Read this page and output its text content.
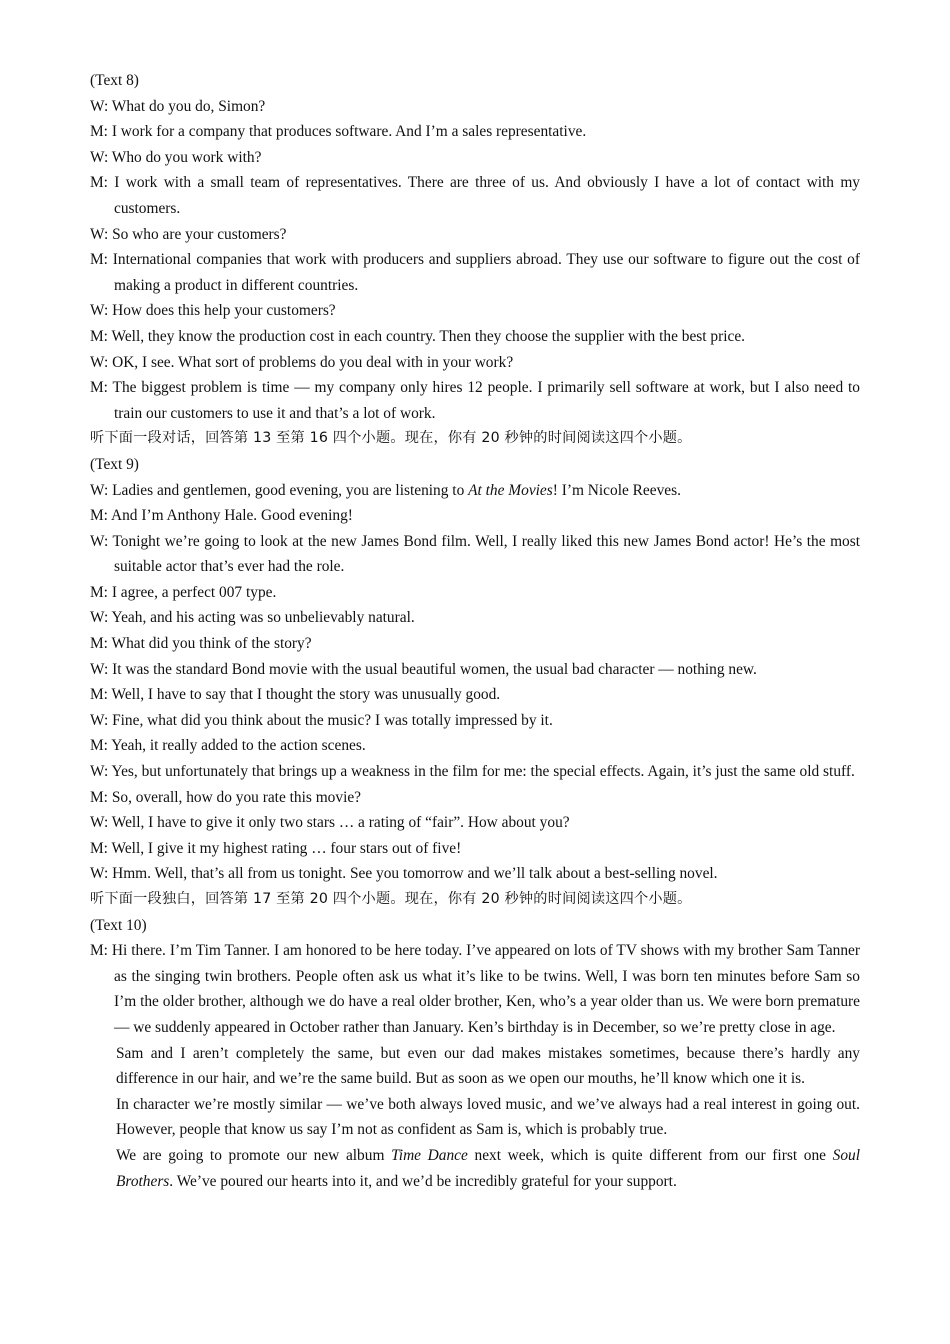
(Text 8)

W: What do you do, Simon?

M: I work for a company that produces software. And I’m a sales representative.

W: Who do you work with?

M: I work with a small team of representatives. There are three of us. And obviously I have a lot of contact with my customers.

W: So who are your customers?

M: International companies that work with producers and suppliers abroad. They use our software to figure out the cost of making a product in different countries.

W: How does this help your customers?

M: Well, they know the production cost in each country. Then they choose the supplier with the best price.

W: OK, I see. What sort of problems do you deal with in your work?

M: The biggest problem is time — my company only hires 12 people. I primarily sell software at work, but I also need to train our customers to use it and that’s a lot of work.

听下面一段对话，回答第 13 至第 16 四个小题。现在，你有 20 秒钟的时间阅读这四个小题。

(Text 9)

W: Ladies and gentlemen, good evening, you are listening to At the Movies! I’m Nicole Reeves.

M: And I’m Anthony Hale. Good evening!

W: Tonight we’re going to look at the new James Bond film. Well, I really liked this new James Bond actor! He’s the most suitable actor that’s ever had the role.

M: I agree, a perfect 007 type.

W: Yeah, and his acting was so unbelievably natural.

M: What did you think of the story?

W: It was the standard Bond movie with the usual beautiful women, the usual bad character — nothing new.

M: Well, I have to say that I thought the story was unusually good.

W: Fine, what did you think about the music? I was totally impressed by it.

M: Yeah, it really added to the action scenes.

W: Yes, but unfortunately that brings up a weakness in the film for me: the special effects. Again, it’s just the same old stuff.

M: So, overall, how do you rate this movie?

W: Well, I have to give it only two stars … a rating of “fair”. How about you?

M: Well, I give it my highest rating … four stars out of five!

W: Hmm. Well, that’s all from us tonight. See you tomorrow and we’ll talk about a best-selling novel.

听下面一段独白，回答第 17 至第 20 四个小题。现在，你有 20 秒钟的时间阅读这四个小题。

(Text 10)

M: Hi there. I’m Tim Tanner. I am honored to be here today. I’ve appeared on lots of TV shows with my brother Sam Tanner as the singing twin brothers. People often ask us what it’s like to be twins. Well, I was born ten minutes before Sam so I’m the older brother, although we do have a real older brother, Ken, who’s a year older than us. We were born premature — we suddenly appeared in October rather than January. Ken’s birthday is in December, so we’re pretty close in age.

Sam and I aren’t completely the same, but even our dad makes mistakes sometimes, because there’s hardly any difference in our hair, and we’re the same build. But as soon as we open our mouths, he’ll know which one it is.

In character we’re mostly similar — we’ve both always loved music, and we’ve always had a real interest in going out. However, people that know us say I’m not as confident as Sam is, which is probably true.

We are going to promote our new album Time Dance next week, which is quite different from our first one Soul Brothers. We’ve poured our hearts into it, and we’d be incredibly grateful for your support.
